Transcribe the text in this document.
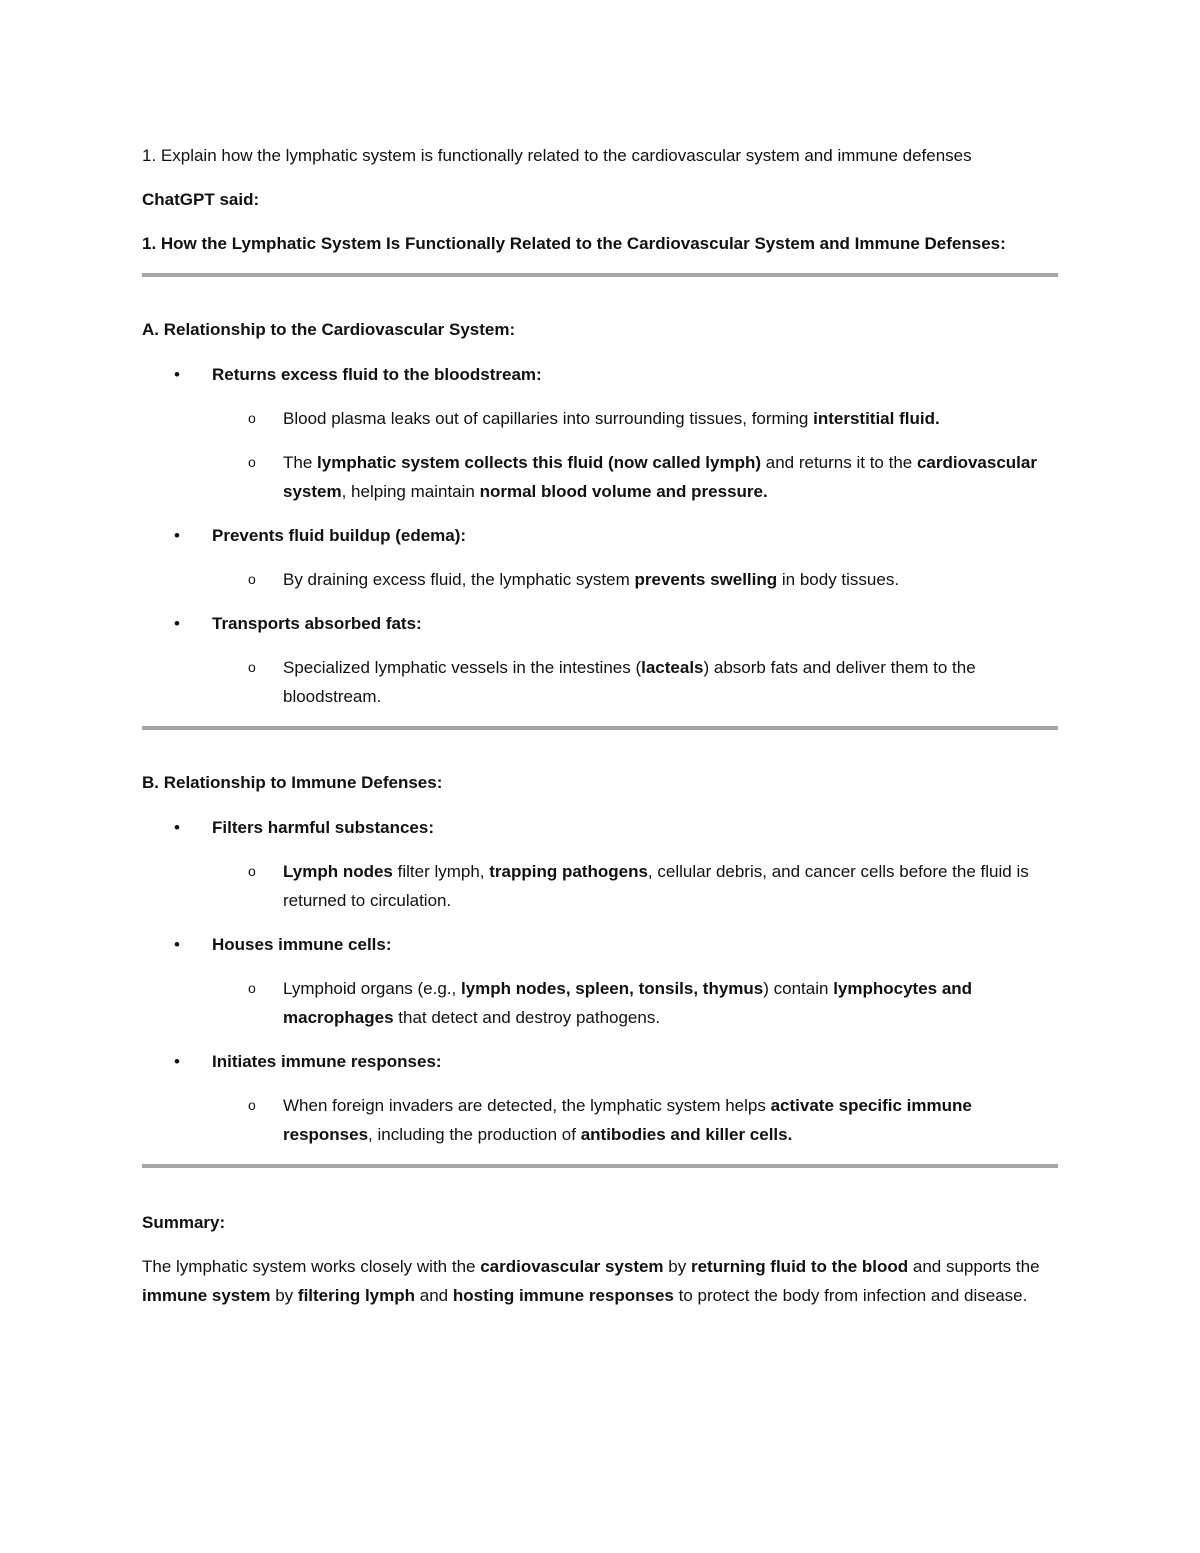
1. Explain how the lymphatic system is functionally related to the cardiovascular system and immune defenses

ChatGPT said:

1. How the Lymphatic System Is Functionally Related to the Cardiovascular System and Immune Defenses:

A. Relationship to the Cardiovascular System:

• Returns excess fluid to the bloodstream:
o Blood plasma leaks out of capillaries into surrounding tissues, forming interstitial fluid.
o The lymphatic system collects this fluid (now called lymph) and returns it to the cardiovascular system, helping maintain normal blood volume and pressure.
• Prevents fluid buildup (edema):
o By draining excess fluid, the lymphatic system prevents swelling in body tissues.
• Transports absorbed fats:
o Specialized lymphatic vessels in the intestines (lacteals) absorb fats and deliver them to the bloodstream.

B. Relationship to Immune Defenses:

• Filters harmful substances:
o Lymph nodes filter lymph, trapping pathogens, cellular debris, and cancer cells before the fluid is returned to circulation.
• Houses immune cells:
o Lymphoid organs (e.g., lymph nodes, spleen, tonsils, thymus) contain lymphocytes and macrophages that detect and destroy pathogens.
• Initiates immune responses:
o When foreign invaders are detected, the lymphatic system helps activate specific immune responses, including the production of antibodies and killer cells.

Summary:

The lymphatic system works closely with the cardiovascular system by returning fluid to the blood and supports the immune system by filtering lymph and hosting immune responses to protect the body from infection and disease.
